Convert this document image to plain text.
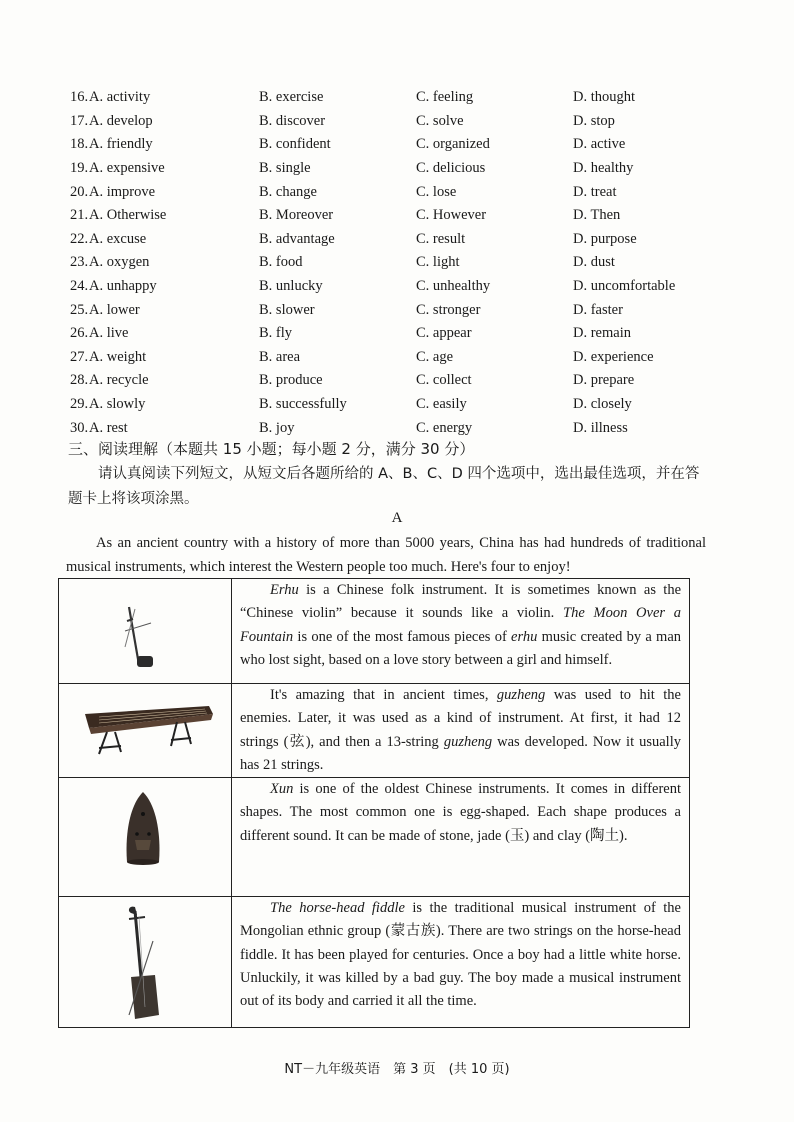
16. A. activity	B. exercise	C. feeling	D. thought
17. A. develop	B. discover	C. solve	D. stop
18. A. friendly	B. confident	C. organized	D. active
19. A. expensive	B. single	C. delicious	D. healthy
20. A. improve	B. change	C. lose	D. treat
21. A. Otherwise	B. Moreover	C. However	D. Then
22. A. excuse	B. advantage	C. result	D. purpose
23. A. oxygen	B. food	C. light	D. dust
24. A. unhappy	B. unlucky	C. unhealthy	D. uncomfortable
25. A. lower	B. slower	C. stronger	D. faster
26. A. live	B. fly	C. appear	D. remain
27. A. weight	B. area	C. age	D. experience
28. A. recycle	B. produce	C. collect	D. prepare
29. A. slowly	B. successfully	C. easily	D. closely
30. A. rest	B. joy	C. energy	D. illness
三、阅读理解（本题共 15 小题；每小题 2 分，满分 30 分）
请认真阅读下列短文，从短文后各题所给的 A、B、C、D 四个选项中，选出最佳选项，并在答题卡上将该项涂黑。
A
As an ancient country with a history of more than 5000 years, China has had hundreds of traditional musical instruments, which interest the Western people too much. Here's four to enjoy!

Erhu is a Chinese folk instrument. It is sometimes known as the “Chinese violin” because it sounds like a violin. The Moon Over a Fountain is one of the most famous pieces of erhu music created by a man who lost sight, based on a love story between a girl and himself.

It's amazing that in ancient times, guzheng was used to hit the enemies. Later, it was used as a kind of instrument. At first, it had 12 strings (弦), and then a 13-string guzheng was developed. Now it usually has 21 strings.

Xun is one of the oldest Chinese instruments. It comes in different shapes. The most common one is egg-shaped. Each shape produces a different sound. It can be made of stone, jade (玉) and clay (陶土).

The horse-head fiddle is the traditional musical instrument of the Mongolian ethnic group (蒙古族). There are two strings on the horse-head fiddle. It has been played for centuries. Once a boy had a little white horse. Unluckily, it was killed by a bad guy. The boy made a musical instrument out of its body and carried it all the time.

NT－九年级英语　第 3 页　(共 10 页)
